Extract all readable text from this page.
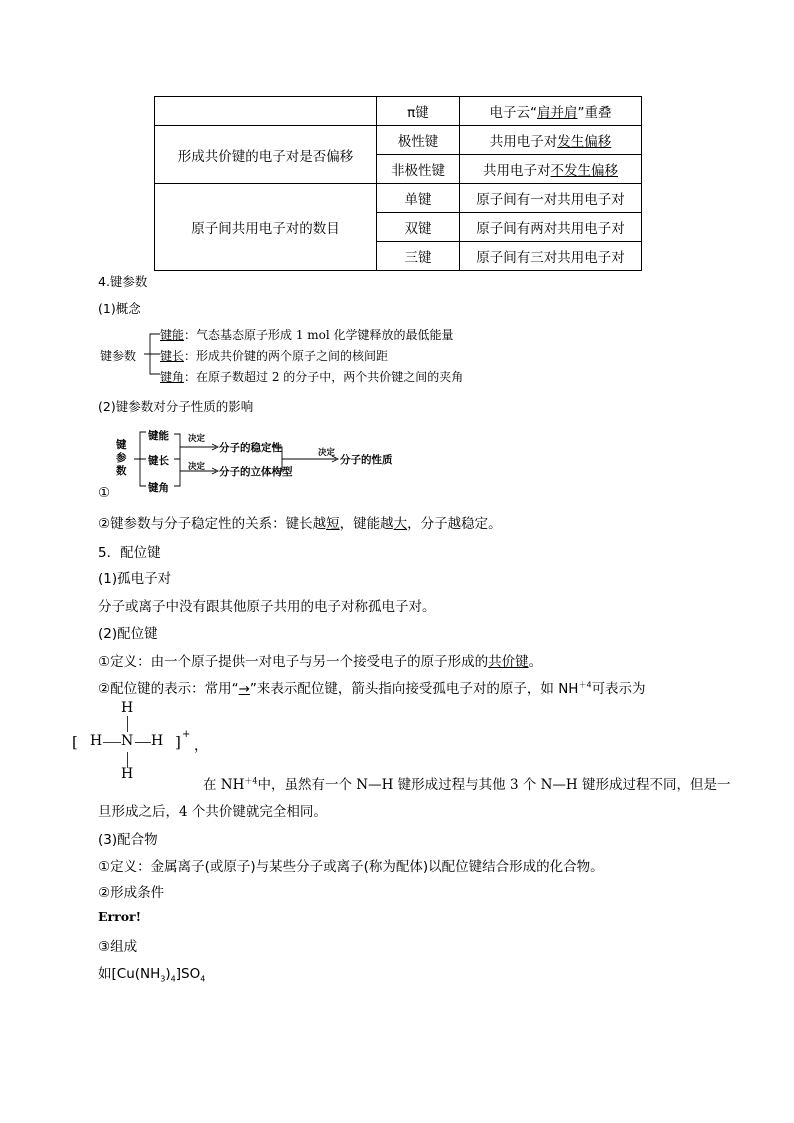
	π键	电子云“肩并肩”重叠
形成共价键的电子对是否偏移	极性键	共用电子对发生偏移
	非极性键	共用电子对不发生偏移
原子间共用电子对的数目	单键	原子间有一对共用电子对
	双键	原子间有两对共用电子对
	三键	原子间有三对共用电子对
4.键参数
(1)概念
键参数
键能：气态基态原子形成 1 mol 化学键释放的最低能量
键长：形成共价键的两个原子之间的核间距
键角：在原子数超过 2 的分子中，两个共价键之间的夹角
(2)键参数对分子性质的影响
键
参
数
键能
键长
键角
决定
决定
分子的稳定性
分子的立体构型
决定
分子的性质
①
②键参数与分子稳定性的关系：键长越短，键能越大，分子越稳定。
5．配位键
(1)孤电子对
分子或离子中没有跟其他原子共用的电子对称孤电子对。
(2)配位键
①定义：由一个原子提供一对电子与另一个接受电子的原子形成的共价键。
②配位键的表示：常用“→”来表示配位键，箭头指向接受孤电子对的原子，如 $NH^{+4}$可表示为
H
[ H N H ] +
，
H
在 $NH^{+4}$中，虽然有一个 N—H 键形成过程与其他 3 个 N—H 键形成过程不同，但是一
旦形成之后，4 个共价键就完全相同。
(3)配合物
①定义：金属离子(或原子)与某些分子或离子(称为配体)以配位键结合形成的化合物。
②形成条件
Error!
③组成
如$[Cu(NH_3)_4]SO_4$
